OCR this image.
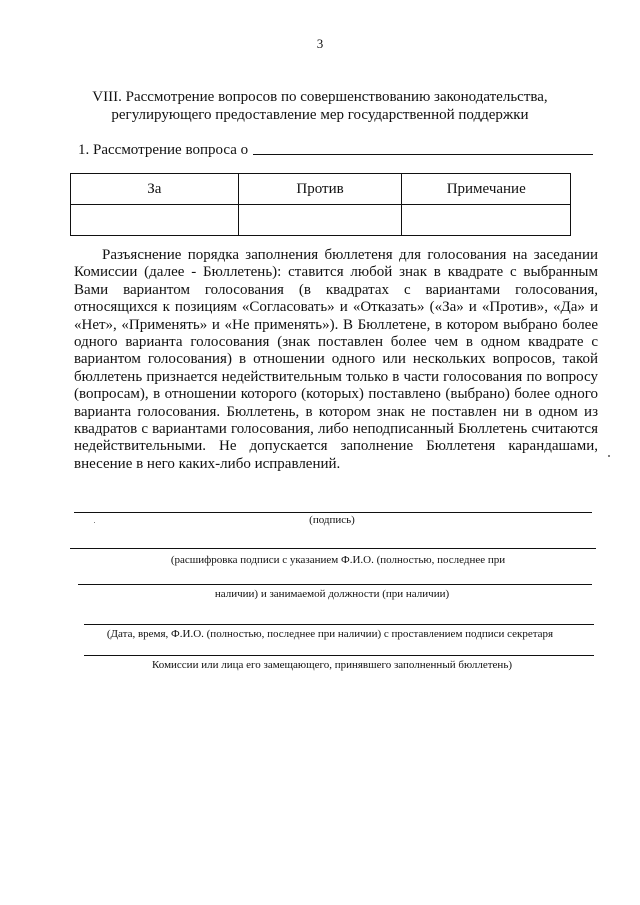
3
VIII. Рассмотрение вопросов по совершенствованию законодательства,
регулирующего предоставление мер государственной поддержки
1. Рассмотрение вопроса о
За	Против	Примечание

Разъяснение порядка заполнения бюллетеня для голосования на заседании Комиссии (далее - Бюллетень): ставится любой знак в квадрате с выбранным Вами вариантом голосования (в квадратах с вариантами голосования, относящихся к позициям «Согласовать» и «Отказать» («За» и «Против», «Да» и «Нет», «Применять» и «Не применять»). В Бюллетене, в котором выбрано более одного варианта голосования (знак поставлен более чем в одном квадрате с вариантом голосования) в отношении одного или нескольких вопросов, такой бюллетень признается недействительным только в части голосования по вопросу (вопросам), в отношении которого (которых) поставлено (выбрано) более одного варианта голосования. Бюллетень, в котором знак не поставлен ни в одном из квадратов с вариантами голосования, либо неподписанный Бюллетень считаются недействительными. Не допускается заполнение Бюллетеня карандашами, внесение в него каких-либо исправлений.

(подпись)
(расшифровка подписи с указанием Ф.И.О. (полностью, последнее при
наличии) и занимаемой должности (при наличии)
(Дата, время, Ф.И.О. (полностью, последнее при наличии) с проставлением подписи секретаря
Комиссии или лица его замещающего, принявшего заполненный бюллетень)
